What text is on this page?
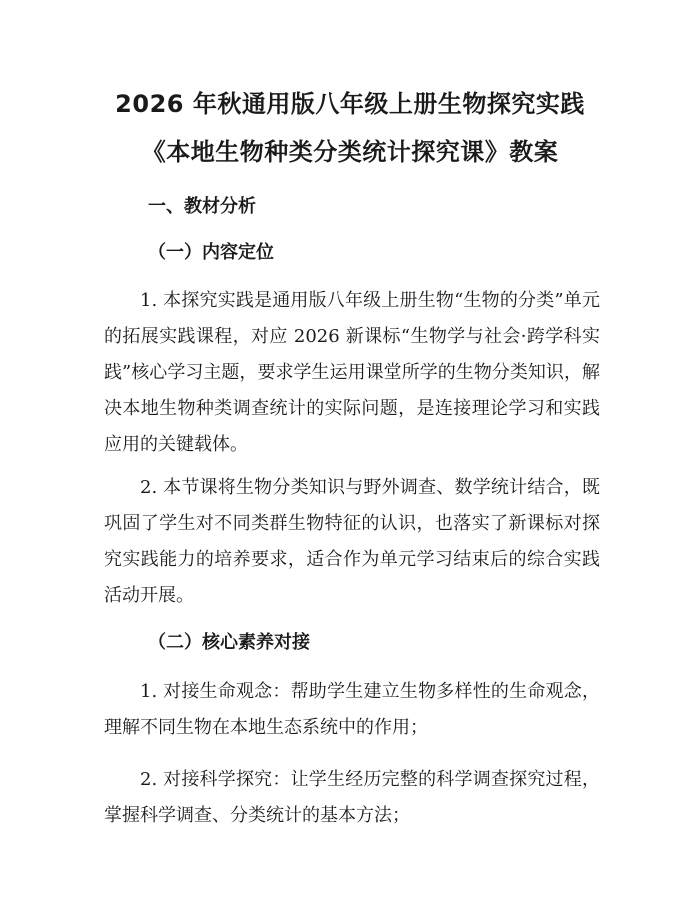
2026 年秋通用版八年级上册生物探究实践
《本地生物种类分类统计探究课》教案
一、教材分析
（一）内容定位

1. 本探究实践是通用版八年级上册生物“生物的分类”单元的拓展实践课程，对应 2026 新课标“生物学与社会·跨学科实践”核心学习主题，要求学生运用课堂所学的生物分类知识，解决本地生物种类调查统计的实际问题，是连接理论学习和实践应用的关键载体。

2. 本节课将生物分类知识与野外调查、数学统计结合，既巩固了学生对不同类群生物特征的认识，也落实了新课标对探究实践能力的培养要求，适合作为单元学习结束后的综合实践活动开展。

（二）核心素养对接

1. 对接生命观念：帮助学生建立生物多样性的生命观念，理解不同生物在本地生态系统中的作用；

2. 对接科学探究：让学生经历完整的科学调查探究过程，掌握科学调查、分类统计的基本方法；
